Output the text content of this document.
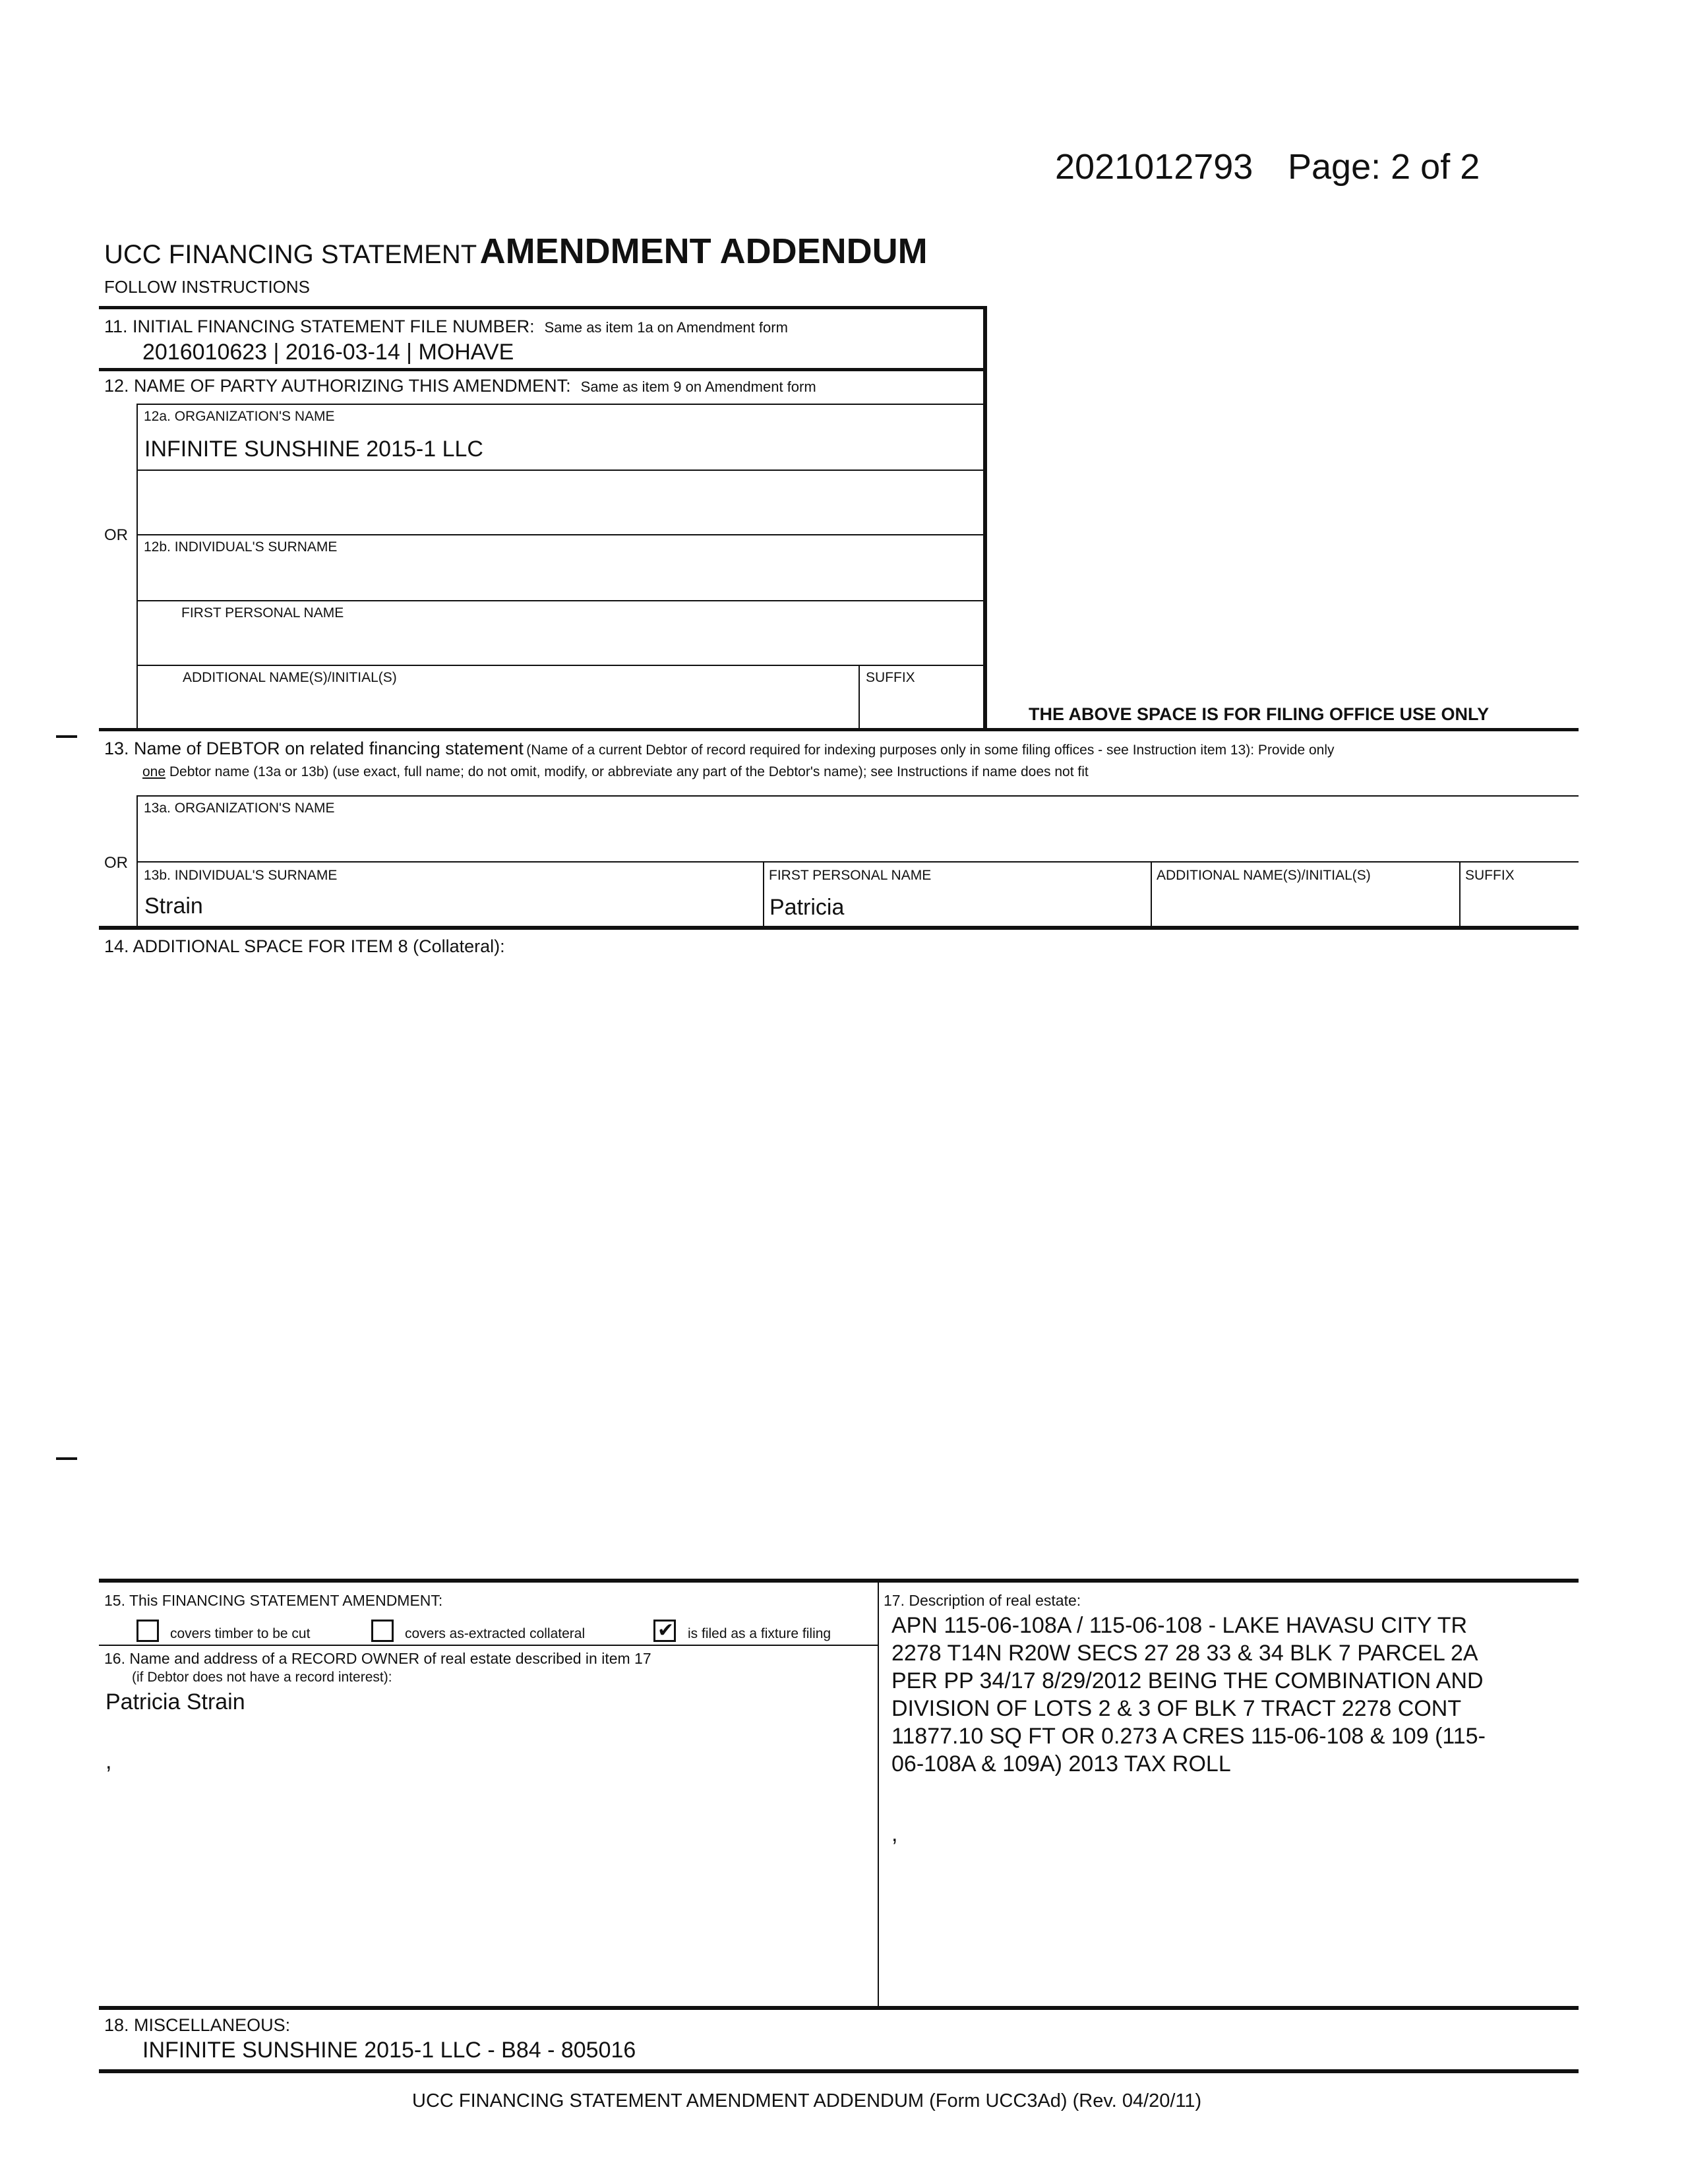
2021012793 Page: 2 of 2
UCC FINANCING STATEMENT AMENDMENT ADDENDUM
FOLLOW INSTRUCTIONS
11. INITIAL FINANCING STATEMENT FILE NUMBER: Same as item 1a on Amendment form
2016010623 | 2016-03-14 | MOHAVE
12. NAME OF PARTY AUTHORIZING THIS AMENDMENT: Same as item 9 on Amendment form
12a. ORGANIZATION'S NAME
INFINITE SUNSHINE 2015-1 LLC
OR
12b. INDIVIDUAL'S SURNAME
FIRST PERSONAL NAME
ADDITIONAL NAME(S)/INITIAL(S)	SUFFIX
THE ABOVE SPACE IS FOR FILING OFFICE USE ONLY
13. Name of DEBTOR on related financing statement (Name of a current Debtor of record required for indexing purposes only in some filing offices - see Instruction item 13): Provide only
one Debtor name (13a or 13b) (use exact, full name; do not omit, modify, or abbreviate any part of the Debtor's name); see Instructions if name does not fit
13a. ORGANIZATION'S NAME
OR
13b. INDIVIDUAL'S SURNAME
Strain
FIRST PERSONAL NAME
Patricia
ADDITIONAL NAME(S)/INITIAL(S)	SUFFIX
14. ADDITIONAL SPACE FOR ITEM 8 (Collateral):
15. This FINANCING STATEMENT AMENDMENT:
covers timber to be cut	covers as-extracted collateral
✔	is filed as a fixture filing
16. Name and address of a RECORD OWNER of real estate described in item 17
(if Debtor does not have a record interest):
Patricia Strain
,
17. Description of real estate:
APN 115-06-108A / 115-06-108 - LAKE HAVASU CITY TR
2278 T14N R20W SECS 27 28 33 & 34 BLK 7 PARCEL 2A
PER PP 34/17 8/29/2012 BEING THE COMBINATION AND
DIVISION OF LOTS 2 & 3 OF BLK 7 TRACT 2278 CONT
11877.10 SQ FT OR 0.273 A CRES 115-06-108 & 109 (115-
06-108A & 109A) 2013 TAX ROLL
,
18. MISCELLANEOUS:
INFINITE SUNSHINE 2015-1 LLC - B84 - 805016
UCC FINANCING STATEMENT AMENDMENT ADDENDUM (Form UCC3Ad) (Rev. 04/20/11)
